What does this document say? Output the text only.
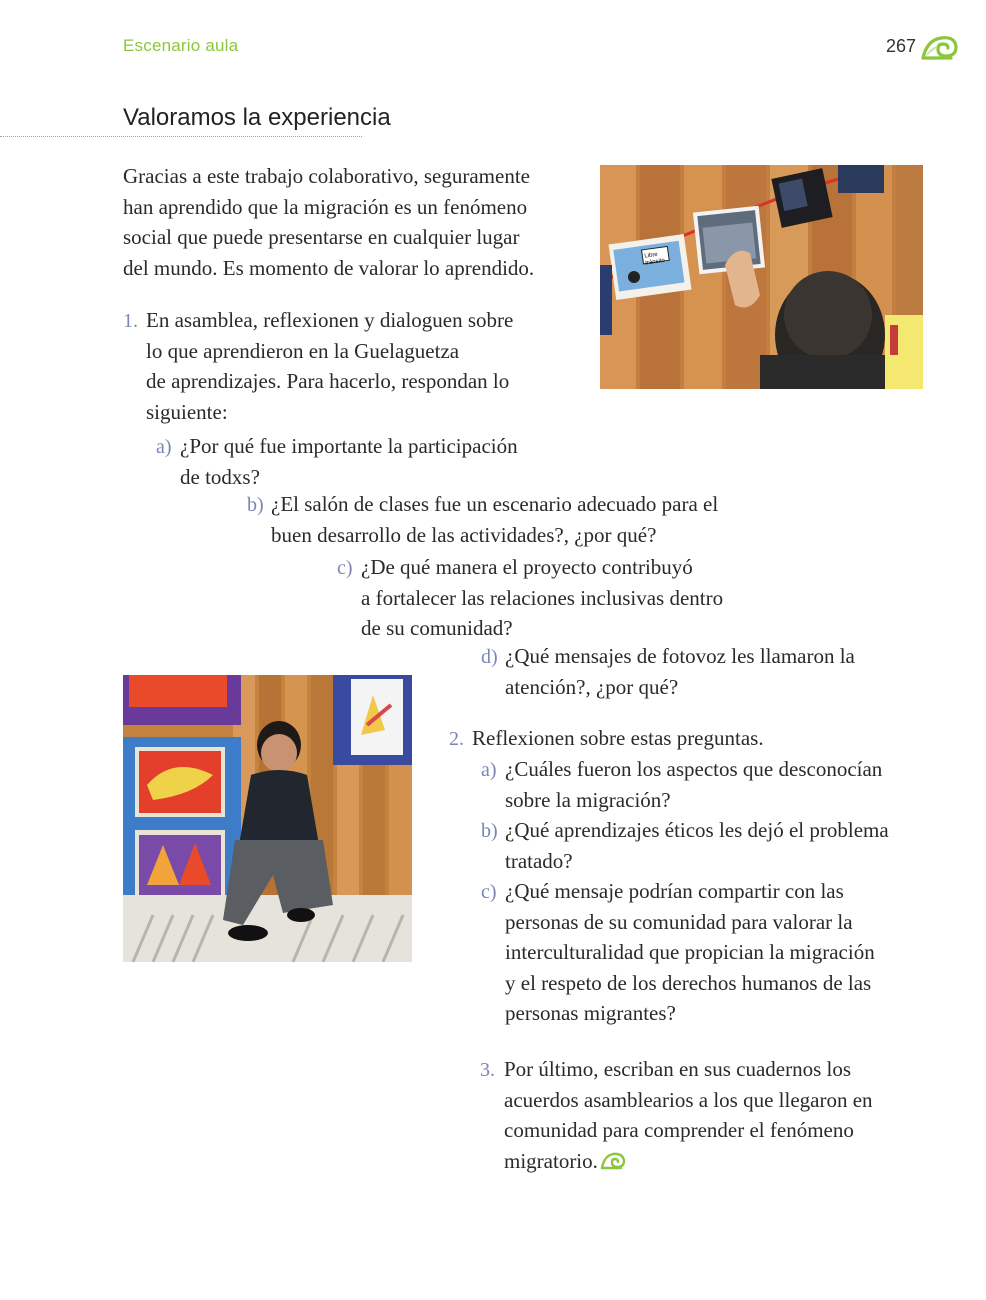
Escenario aula	267
Valoramos la experiencia
Gracias a este trabajo colaborativo, seguramente
han aprendido que la migración es un fenómeno
social que puede presentarse en cualquier lugar
del mundo. Es momento de valorar lo aprendido.	Libre
tránsito
1. En asamblea, reflexionen y dialoguen sobre
lo que aprendieron en la Guelaguetza
de aprendizajes. Para hacerlo, respondan lo
siguiente:
a) ¿Por qué fue importante la participación
de todxs?
b) ¿El salón de clases fue un escenario adecuado para el
buen desarrollo de las actividades?, ¿por qué?
c) ¿De qué manera el proyecto contribuyó
a fortalecer las relaciones inclusivas dentro
de su comunidad?
d) ¿Qué mensajes de fotovoz les llamaron la
atención?, ¿por qué?
2. Reflexionen sobre estas preguntas.
a) ¿Cuáles fueron los aspectos que desconocían
sobre la migración?
b) ¿Qué aprendizajes éticos les dejó el problema
tratado?
c) ¿Qué mensaje podrían compartir con las
personas de su comunidad para valorar la
interculturalidad que propician la migración
y el respeto de los derechos humanos de las
personas migrantes?
3. Por último, escriban en sus cuadernos los
acuerdos asamblearios a los que llegaron en
comunidad para comprender el fenómeno
migratorio.
